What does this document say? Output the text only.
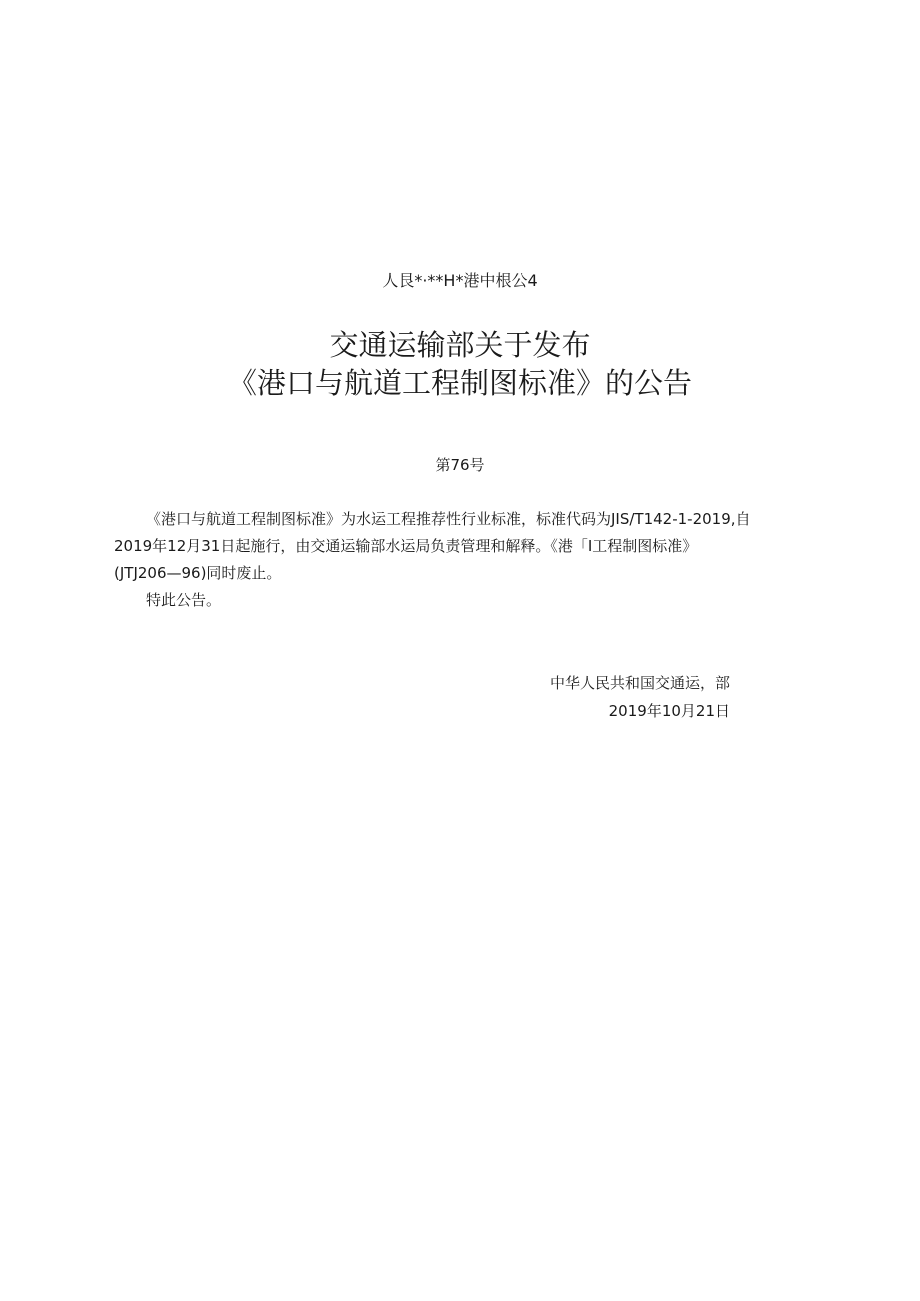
人艮*·**H*港中根公4
交通运输部关于发布
《港口与航道工程制图标准》的公告
第76号

《港口与航道工程制图标准》为水运工程推荐性行业标准，标准代码为JIS/T142-1-2019,自

2019年12月31日起施行，由交通运输部水运局负责管理和解释。《港「I工程制图标准》

(JTJ206—96)同时废止。

特此公告。

中华人民共和国交通运，部
2019年10月21日
